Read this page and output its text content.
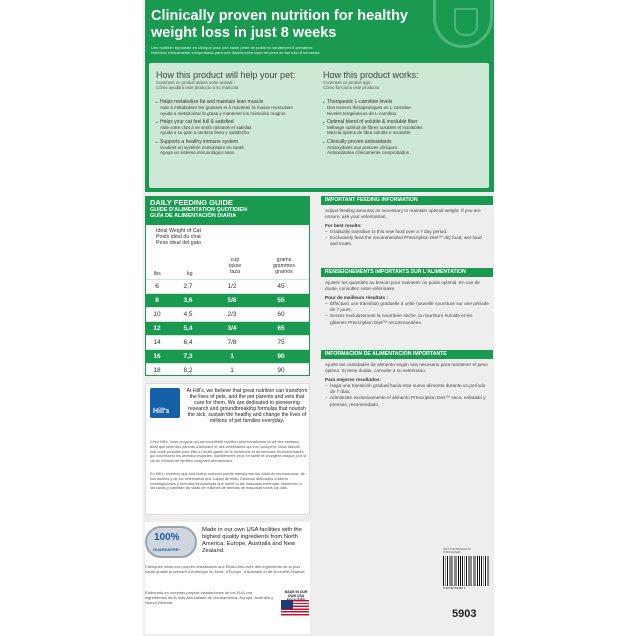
Clinically proven nutrition for healthy weight loss in just 8 weeks
Une nutrition éprouvée en clinique pour une saine perte de poids en seulement 8 semaines.
Nutrición clínicamente comprobada para una disminución sana de peso en tan sólo 8 semanas.
How this product will help your pet:
Comment ce produit aidera votre animal :
Cómo ayudará este producto a su mascota
• Helps metabolize fat and maintain lean muscle
Aide à métaboliser les graisses et à maintenir la masse musculaire
Ayuda a metabolizar la grasa y mantener los músculos magros
• Helps your cat feel full & satisfied
Aide votre chat à se sentir rassasié et satisfait
Ayuda a su gato a sentirse lleno y satisfecho
• Supports a healthy immune system
Soutient un système immunitaire en santé
Apoya un sistema inmunológico sano
How this product works:
Comment ce produit agit :
Cómo funciona este producto
• Therapeutic L-carnitine levels
Des teneurs thérapeutiques en L-carnitine
Niveles terapéuticos de L-carnitina
• Optimal blend of soluble & insoluble fiber
Mélange optimal de fibres solubles et insolubles
Mezcla óptima de fibra soluble e insoluble
• Clinically proven antioxidants
Antioxydants aux preuves cliniques
Antioxidantes clínicamente comprobados
DAILY FEEDING GUIDE
GUIDE D'ALIMENTATION QUOTIDIEN
GUÍA DE ALIMENTACIÓN DIARIA
Ideal Weight of Cat
Poids idéal du chat
Peso ideal del gato
lbs	kg
cup
tasse
taza
grams
grammes
gramos
6	2,7	1/2	45
8	3,6	5/8	55
10	4,5	2/3	60
12	5,4	3/4	65
14	6,4	7/8	75
16	7,3	1	90
18	8,2	1	90
IMPORTANT FEEDING INFORMATION
Adjust feeding amounts as necessary to maintain optimal weight. If you are unsure, ask your veterinarian.
For best results:
– Gradually transition to this new food over a 7 day period.
– Exclusively feed the recommended Prescription Diet™ dry food, wet food and treats.
RENSEIGNEMENTS IMPORTANTS SUR L'ALIMENTATION
Ajustez les quantités au besoin pour maintenir un poids optimal. En cas de doute, consultez votre vétérinaire.
Pour de meilleurs résultats :
– Effectuez une transition graduelle à cette nouvelle nourriture sur une période de 7 jours.
– Servez exclusivement la nourriture sèche, la nourriture humide et les gâteries Prescription Diet™ recommandées.
INFORMACION DE ALIMENTACION IMPORTANTE
Ajuste las cantidades de alimento según sea necesario para mantener el peso óptimo. Si tiene dudas, consulte a su veterinario.
Para mejores resultados:
– Haga una transición gradual hacia este nuevo alimento durante un período de 7 días.
– Administre exclusivamente el alimento Prescription Diet™ seco, enlatado y premios, recomendado.
Hill's
At Hill's, we believe that great nutrition can transform the lives of pets, and the pet parents and vets that care for them. We are dedicated to pioneering research and groundbreaking formulas that nourish the sick, sustain the healthy and change the lives of millions of pet families everyday.
Chez Hill's, nous croyons qu'une excellente nutrition peut transformer la vie des animaux, ainsi que celle des parents d'animaux et des vétérinaires qui s'en occupent. Nous faisons tout notre possible pour être à l'avant-garde de la recherche et de formules révolutionnaires qui nourrissent les animaux malades, maintiennent ceux en santé et changent chaque jour la vie de millions de familles comptant des animaux.
En Hill's, creemos que una buena nutrición puede transformar las vidas de las mascotas, de sus dueños y de los veterinarios que cuidan de ellas. Estamos dedicados a liderar investigaciones y fórmulas innovadoras que nutren a las mascotas enfermas, mantienen a las sanas y cambian las vidas de millones de familias de mascotas todos los días.
100%
GUARANTEE*
Made in our own USA facilities with the highest quality ingredients from North America, Europe, Australia and New Zealand.
Fabriquée dans nos propres installations aux États-Unis avec des ingrédients de la plus haute qualité provenant d'Amérique du Nord, d'Europe, d'Australie et de Nouvelle-Zélande.
Elaborado en nuestras propias instalaciones de los EUA con ingredientes de la más alta calidad de Norteamérica, Europa, Australia y Nueva Zelanda.
MADE IN OUR OWN USA
NOT FOR RESALE IN PURCHASED
0 52742 59430 1
5903
